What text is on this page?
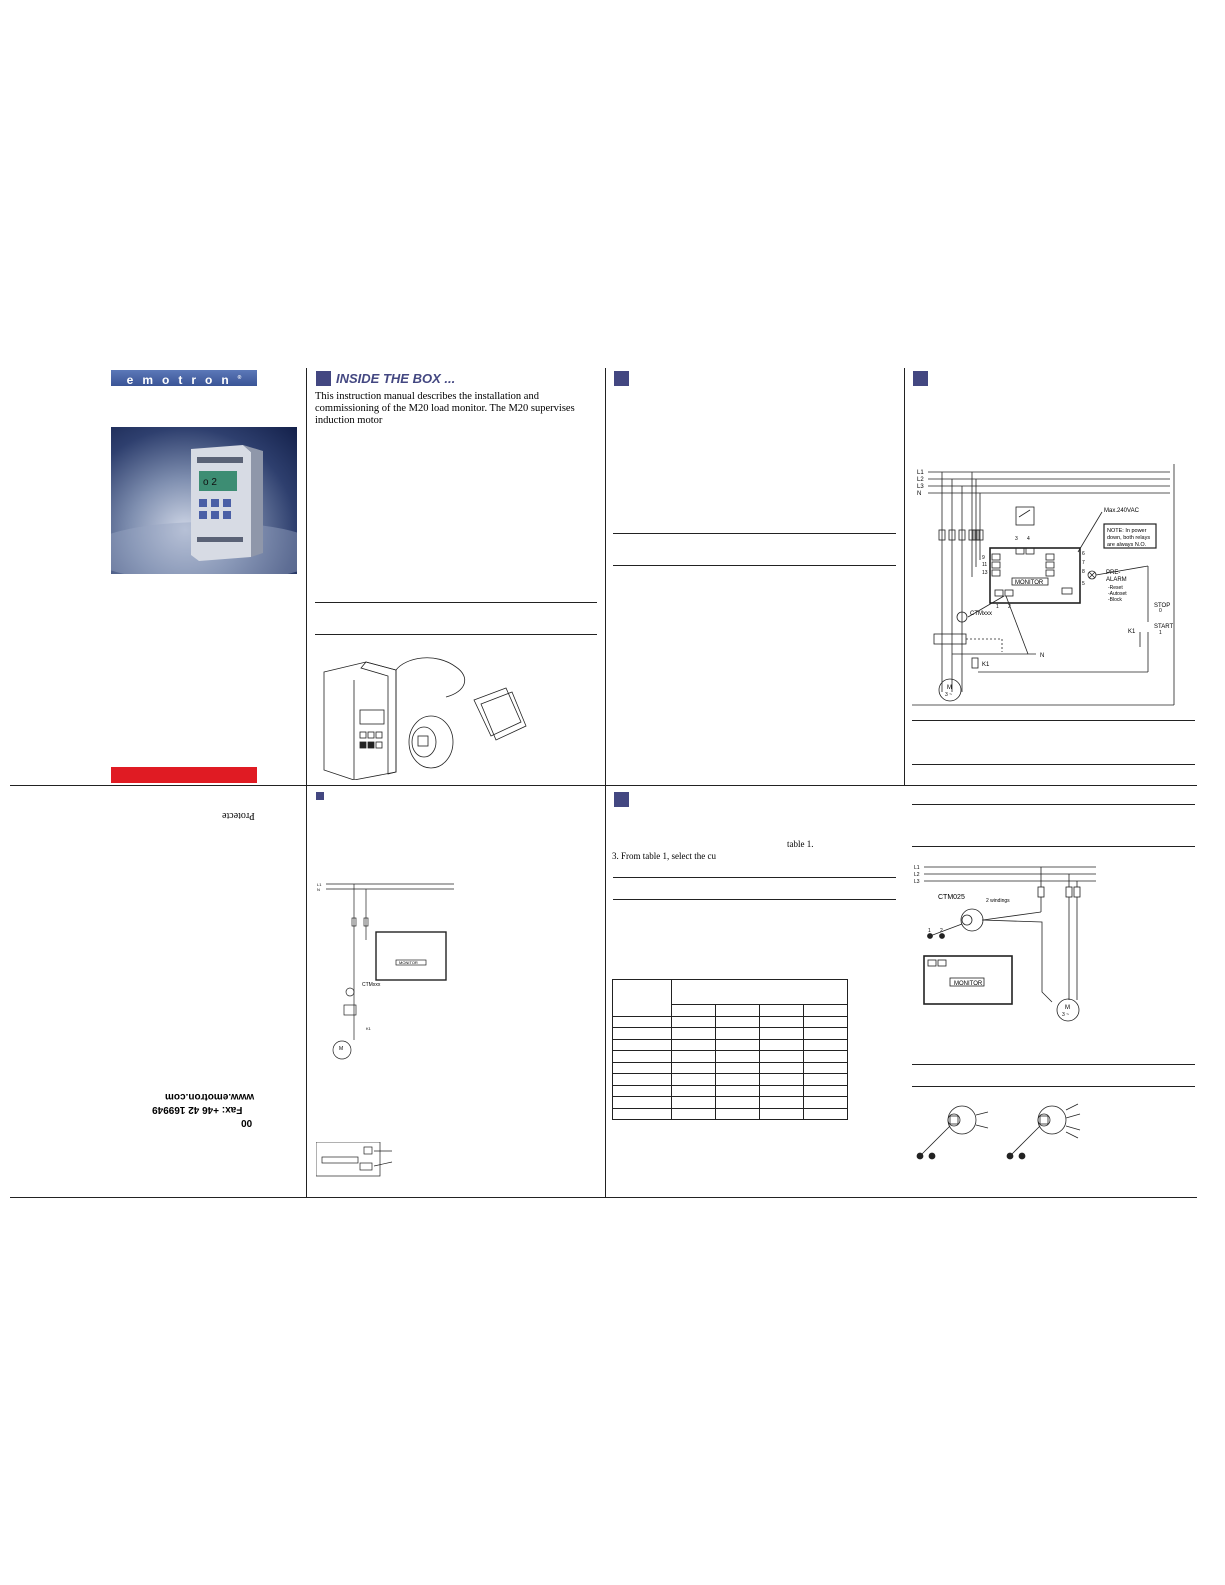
emotron®
o 2
INSIDE THE BOX ...
This instruction manual describes the installation and commissioning of the M20 load monitor. The M20 supervises induction motor
L1
L2
L3
N
3 4
MONITOR
9
11
13
6
7
8
5
1 2
Max.240VAC
NOTE: In power
down, both relays
are always N.O.
PRE-
ALARM
-Reset
-Autoset
-Block
STOP
0
START
1
K1
CTMxxx
N
K1
M
3 ~
Protecte
www.emotron.com
Fax: +46 42 169949
00
L1
N
MONITOR
CTMxxx
K1
M
table 1.
3. From table 1, select the cu

L1
L2
L3
CTM025	2 windings
1 2
MONITOR
M
3 ~
